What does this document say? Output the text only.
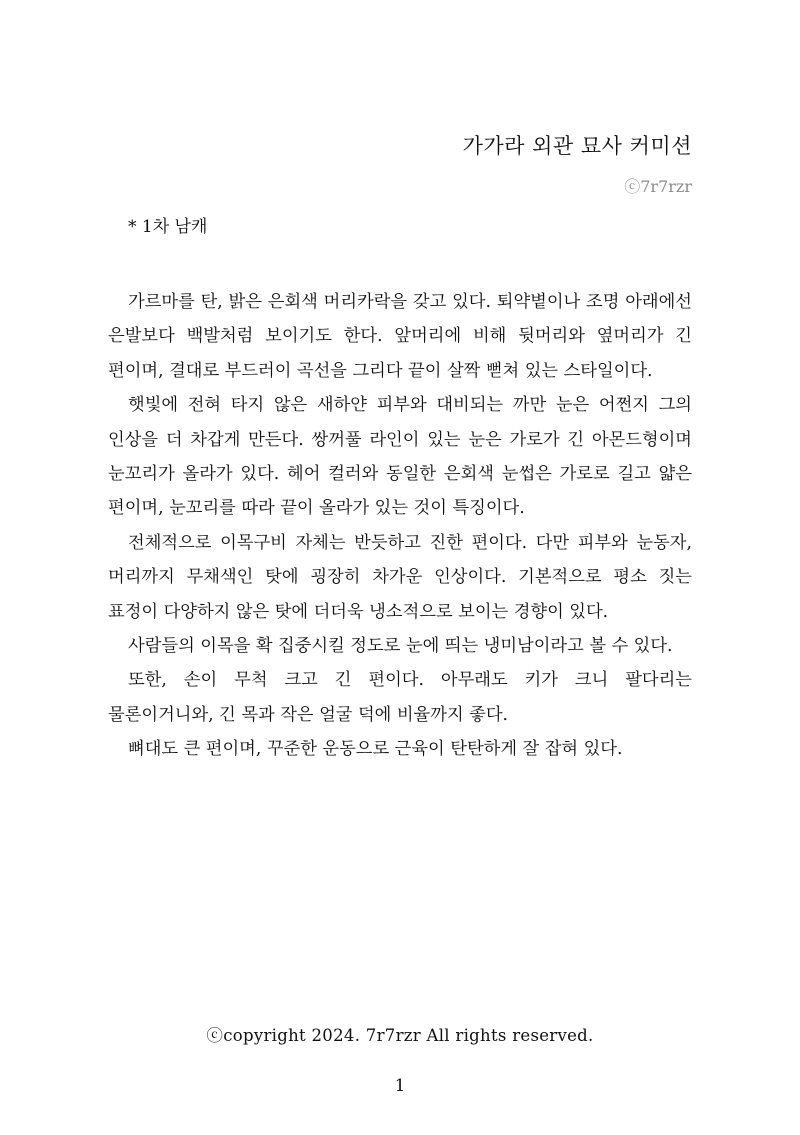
가가라 외관 묘사 커미션
ⓒ7r7rzr
* 1차 남캐

가르마를 탄, 밝은 은회색 머리카락을 갖고 있다. 퇴약볕이나 조명 아래에선 은발보다 백발처럼 보이기도 한다. 앞머리에 비해 뒷머리와 옆머리가 긴 편이며, 결대로 부드러이 곡선을 그리다 끝이 살짝 뻗쳐 있는 스타일이다.

햇빛에 전혀 타지 않은 새하얀 피부와 대비되는 까만 눈은 어쩐지 그의 인상을 더 차갑게 만든다. 쌍꺼풀 라인이 있는 눈은 가로가 긴 아몬드형이며 눈꼬리가 올라가 있다. 헤어 컬러와 동일한 은회색 눈썹은 가로로 길고 얇은 편이며, 눈꼬리를 따라 끝이 올라가 있는 것이 특징이다.

전체적으로 이목구비 자체는 반듯하고 진한 편이다. 다만 피부와 눈동자, 머리까지 무채색인 탓에 굉장히 차가운 인상이다. 기본적으로 평소 짓는 표정이 다양하지 않은 탓에 더더욱 냉소적으로 보이는 경향이 있다.

사람들의 이목을 확 집중시킬 정도로 눈에 띄는 냉미남이라고 볼 수 있다.

또한, 손이 무척 크고 긴 편이다. 아무래도 키가 크니 팔다리는 물론이거니와, 긴 목과 작은 얼굴 덕에 비율까지 좋다.

뼈대도 큰 편이며, 꾸준한 운동으로 근육이 탄탄하게 잘 잡혀 있다.

ⓒcopyright 2024. 7r7rzr All rights reserved.
1
